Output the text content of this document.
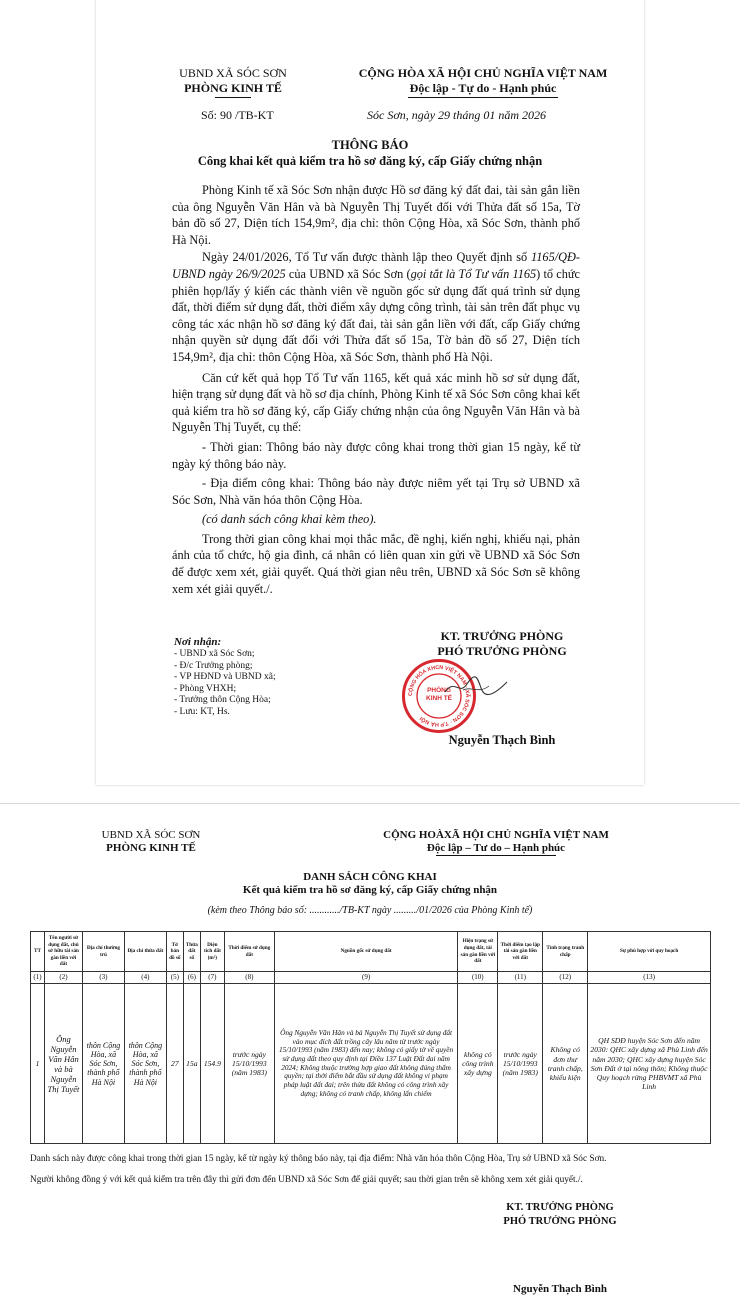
UBND XÃ SÓC SƠN
PHÒNG KINH TẾ
CỘNG HÒA XÃ HỘI CHỦ NGHĨA VIỆT NAM
Độc lập - Tự do - Hạnh phúc
Số: 90 /TB-KT	Sóc Sơn, ngày 29 tháng 01 năm 2026
THÔNG BÁO
Công khai kết quả kiểm tra hồ sơ đăng ký, cấp Giấy chứng nhận

Phòng Kinh tế xã Sóc Sơn nhận được Hồ sơ đăng ký đất đai, tài sản gắn liền của ông Nguyễn Văn Hân và bà Nguyễn Thị Tuyết đối với Thửa đất số 15a, Tờ bản đồ số 27, Diện tích 154,9m², địa chỉ: thôn Cộng Hòa, xã Sóc Sơn, thành phố Hà Nội.

Ngày 24/01/2026, Tổ Tư vấn được thành lập theo Quyết định số 1165/QĐ-UBND ngày 26/9/2025 của UBND xã Sóc Sơn (gọi tắt là Tổ Tư vấn 1165) tổ chức phiên họp/lấy ý kiến các thành viên về nguồn gốc sử dụng đất quá trình sử dụng đất, thời điểm sử dụng đất, thời điểm xây dựng công trình, tài sản trên đất phục vụ công tác xác nhận hồ sơ đăng ký đất đai, tài sản gắn liền với đất, cấp Giấy chứng nhận quyền sử dụng đất đối với Thửa đất số 15a, Tờ bản đồ số 27, Diện tích 154,9m², địa chỉ: thôn Cộng Hòa, xã Sóc Sơn, thành phố Hà Nội.

Căn cứ kết quả họp Tổ Tư vấn 1165, kết quả xác minh hồ sơ sử dụng đất, hiện trạng sử dụng đất và hồ sơ địa chính, Phòng Kinh tế xã Sóc Sơn công khai kết quả kiểm tra hồ sơ đăng ký, cấp Giấy chứng nhận của ông Nguyễn Văn Hân và bà Nguyễn Thị Tuyết, cụ thể:

- Thời gian: Thông báo này được công khai trong thời gian 15 ngày, kể từ ngày ký thông báo này.

- Địa điểm công khai: Thông báo này được niêm yết tại Trụ sở UBND xã Sóc Sơn, Nhà văn hóa thôn Cộng Hòa.

(có danh sách công khai kèm theo).

Trong thời gian công khai mọi thắc mắc, đề nghị, kiến nghị, khiếu nại, phản ánh của tổ chức, hộ gia đình, cá nhân có liên quan xin gửi về UBND xã Sóc Sơn để được xem xét, giải quyết. Quá thời gian nêu trên, UBND xã Sóc Sơn sẽ không xem xét giải quyết./.

Nơi nhận:
- UBND xã Sóc Sơn;
- Đ/c Trưởng phòng;
- VP HĐND và UBND xã;
- Phòng VHXH;
- Trưởng thôn Cộng Hòa;
- Lưu: KT, Hs.
KT. TRƯỞNG PHÒNG
PHÓ TRƯỞNG PHÒNG
CỘNG HÒA XHCN VIỆT NAM · XÃ SÓC SƠN · T.P HÀ NỘI
PHÒNG KINH TẾ
Nguyễn Thạch Bình
UBND XÃ SÓC SƠN
PHÒNG KINH TẾ
CỘNG HOÀXÃ HỘI CHỦ NGHĨA VIỆT NAM
Độc lập – Tư do – Hạnh phúc
DANH SÁCH CÔNG KHAI
Kết quả kiểm tra hồ sơ đăng ký, cấp Giấy chứng nhận
(kèm theo Thông báo số: ............/TB-KT ngày ........./01/2026 của Phòng Kinh tế)
TT	Tên người sử dụng đất, chủ sở hữu tài sản gắn liền với đất	Địa chỉ thường trú	Địa chỉ thửa đất	Tờ bản đồ số	Thửa đất số	Diện tích đất (m²)	Thời điểm sử dụng đất	Nguồn gốc sử dụng đất	Hiện trạng sử dụng đất, tài sản gắn liền với đất	Thời điểm tạo lập tài sản gắn liền với đất	Tình trạng tranh chấp	Sự phù hợp với quy hoạch
(1)	(2)	(3)	(4)	(5)	(6)	(7)	(8)	(9)	(10)	(11)	(12)	(13)
1	Ông Nguyễn Văn Hân và bà Nguyễn Thị Tuyết	thôn Cộng Hòa, xã Sóc Sơn, thành phố Hà Nội	thôn Cộng Hòa, xã Sóc Sơn, thành phố Hà Nội	27	15a	154.9	trước ngày 15/10/1993 (năm 1983)	Ông Nguyễn Văn Hân và bà Nguyễn Thị Tuyết sử dụng đất vào mục đích đất trồng cây lâu năm từ trước ngày 15/10/1993 (năm 1983) đến nay; không có giấy tờ về quyền sử dụng đất theo quy định tại Điều 137 Luật Đất đai năm 2024; Không thuộc trường hợp giao đất không đúng thẩm quyền; tại thời điểm bắt đầu sử dụng đất không vi phạm pháp luật đất đai; trên thửa đất không có công trình xây dựng; không có tranh chấp, không lấn chiếm	không có công trình xây dựng	trước ngày 15/10/1993 (năm 1983)	Không có đơn thư tranh chấp, khiếu kiện	QH SDĐ huyện Sóc Sơn đến năm 2030: QHC xây dựng xã Phù Linh đến năm 2030; QHC xây dựng huyện Sóc Sơn Đất ở tại nông thôn; Không thuộc Quy hoạch rừng PHBVMT xã Phù Linh
Danh sách này được công khai trong thời gian 15 ngày, kể từ ngày ký thông báo này, tại địa điểm: Nhà văn hóa thôn Cộng Hòa, Trụ sở UBND xã Sóc Sơn.
Người không đồng ý với kết quả kiểm tra trên đây thì gửi đơn đến UBND xã Sóc Sơn để giải quyết; sau thời gian trên sẽ không xem xét giải quyết./.
KT. TRƯỞNG PHÒNG
PHÓ TRƯỞNG PHÒNG
Nguyễn Thạch Bình
